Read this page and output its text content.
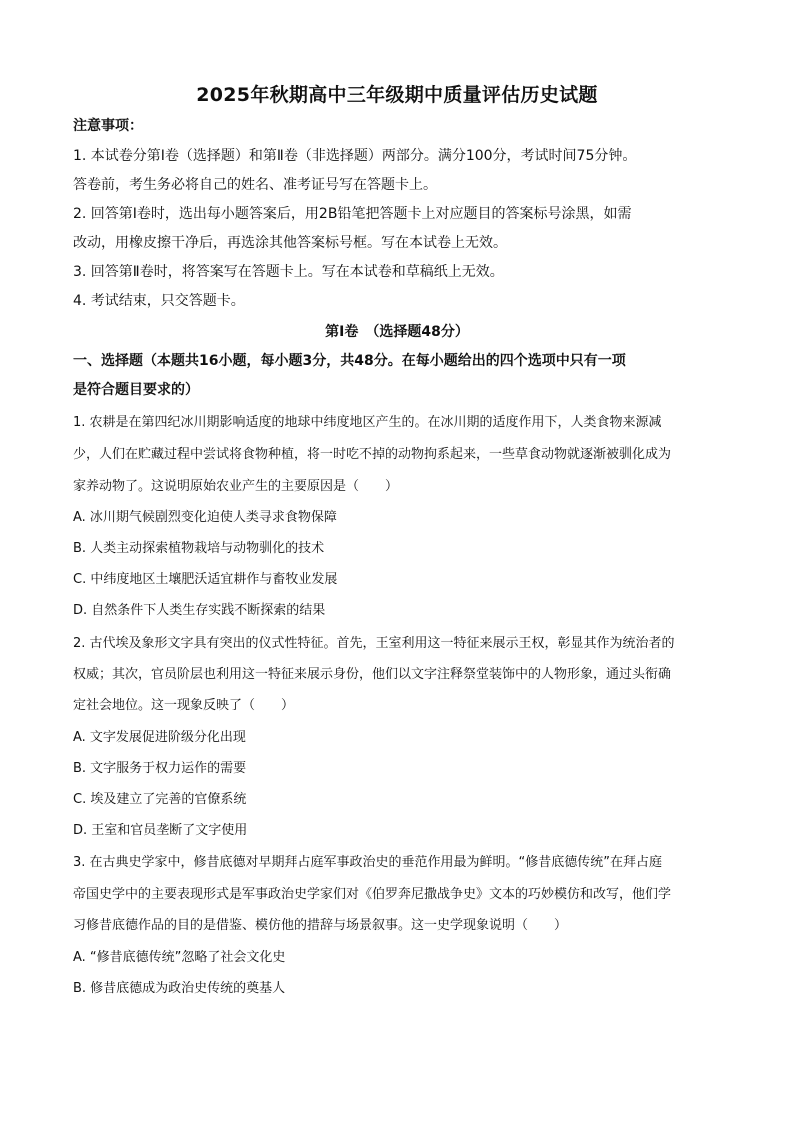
2025年秋期高中三年级期中质量评估历史试题
注意事项：
1. 本试卷分第Ⅰ卷（选择题）和第Ⅱ卷（非选择题）两部分。满分100分，考试时间75分钟。
答卷前，考生务必将自己的姓名、准考证号写在答题卡上。
2. 回答第Ⅰ卷时，选出每小题答案后，用2B铅笔把答题卡上对应题目的答案标号涂黑，如需
改动，用橡皮擦干净后，再选涂其他答案标号框。写在本试卷上无效。
3. 回答第Ⅱ卷时，将答案写在答题卡上。写在本试卷和草稿纸上无效。
4. 考试结束，只交答题卡。
第Ⅰ卷　（选择题48分）
一、选择题（本题共16小题，每小题3分，共48分。在每小题给出的四个选项中只有一项
是符合题目要求的）
1. 农耕是在第四纪冰川期影响适度的地球中纬度地区产生的。在冰川期的适度作用下，人类食物来源减
少，人们在贮藏过程中尝试将食物种植，将一时吃不掉的动物拘系起来，一些草食动物就逐渐被驯化成为
家养动物了。这说明原始农业产生的主要原因是（　　）
A. 冰川期气候剧烈变化迫使人类寻求食物保障
B. 人类主动探索植物栽培与动物驯化的技术
C. 中纬度地区土壤肥沃适宜耕作与畜牧业发展
D. 自然条件下人类生存实践不断探索的结果
2. 古代埃及象形文字具有突出的仪式性特征。首先，王室利用这一特征来展示王权，彰显其作为统治者的
权威；其次，官员阶层也利用这一特征来展示身份，他们以文字注释祭堂装饰中的人物形象，通过头衔确
定社会地位。这一现象反映了（　　）
A. 文字发展促进阶级分化出现
B. 文字服务于权力运作的需要
C. 埃及建立了完善的官僚系统
D. 王室和官员垄断了文字使用
3. 在古典史学家中，修昔底德对早期拜占庭军事政治史的垂范作用最为鲜明。“修昔底德传统”在拜占庭
帝国史学中的主要表现形式是军事政治史学家们对《伯罗奔尼撒战争史》文本的巧妙模仿和改写，他们学
习修昔底德作品的目的是借鉴、模仿他的措辞与场景叙事。这一史学现象说明（　　）
A. “修昔底德传统”忽略了社会文化史
B. 修昔底德成为政治史传统的奠基人
